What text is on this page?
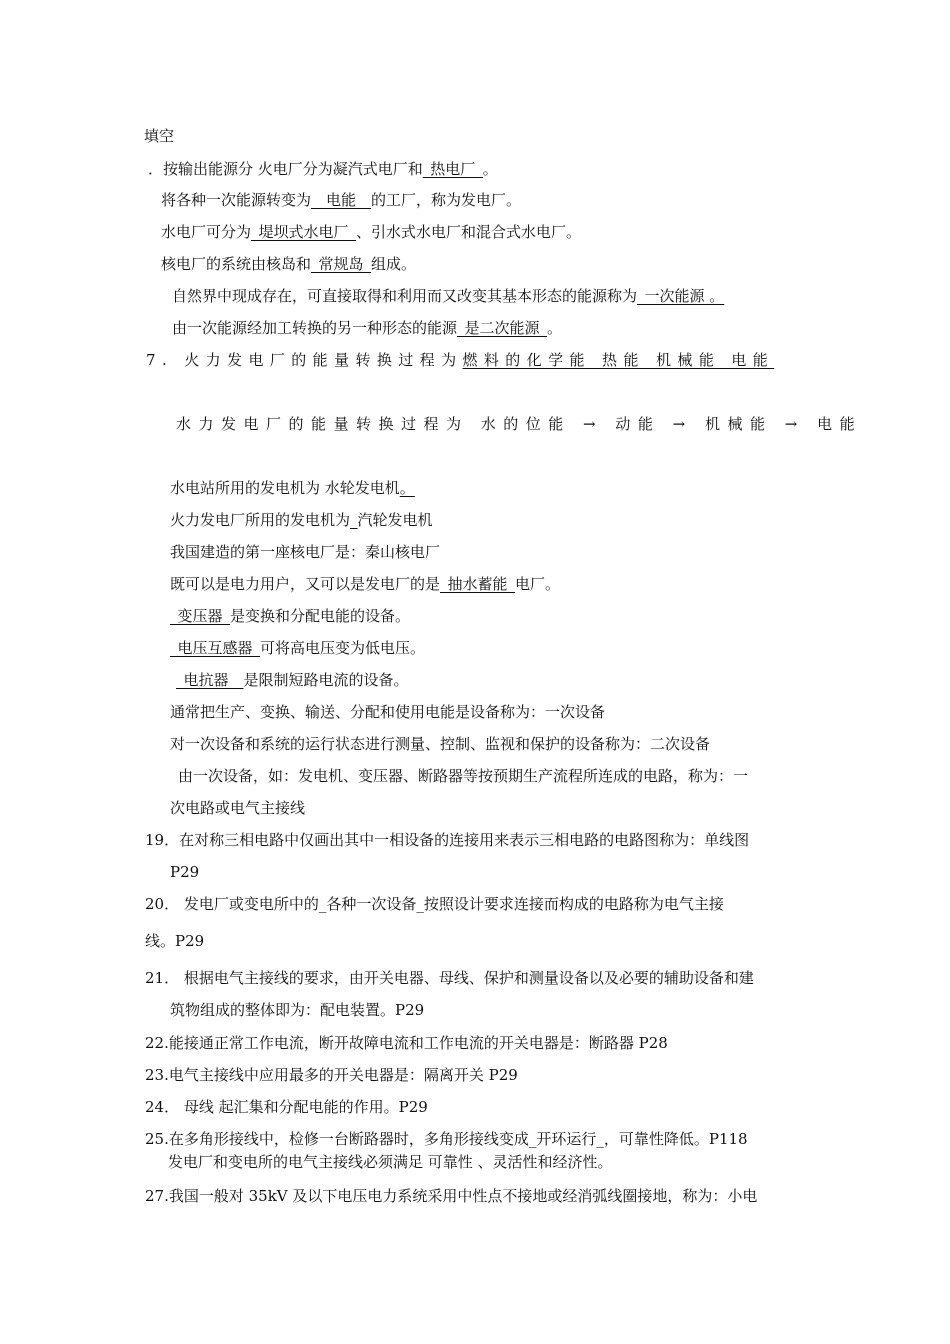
填空
．按输出能源分 火电厂分为凝汽式电厂和_热电厂_。
将各种一次能源转变为__电能__的工厂，称为发电厂。
水电厂可分为_堤坝式水电厂_、引水式水电厂和混合式水电厂。
核电厂的系统由核岛和_常规岛_组成。
自然界中现成存在，可直接取得和利用而又改变其基本形态的能源称为_一次能源 。
由一次能源经加工转换的另一种形态的能源_是二次能源_。
7. 火力发电厂的能量转换过程为燃料的化学能 热能 机械能 电能
水力发电厂的能量转换过程为 水的位能 → 动能 → 机械能 → 电能
水电站所用的发电机为 水轮发电机。
火力发电厂所用的发电机为_汽轮发电机
我国建造的第一座核电厂是：秦山核电厂
既可以是电力用户，又可以是发电厂的是_抽水蓄能_电厂。
_变压器_是变换和分配电能的设备。
_电压互感器_可将高电压变为低电压。
_电抗器__是限制短路电流的设备。
通常把生产、变换、输送、分配和使用电能是设备称为：一次设备
对一次设备和系统的运行状态进行测量、控制、监视和保护的设备称为：二次设备
由一次设备，如：发电机、变压器、断路器等按预期生产流程所连成的电路，称为：一
次电路或电气主接线
19．在对称三相电路中仅画出其中一相设备的连接用来表示三相电路的电路图称为：单线图
P29
20． 发电厂或变电所中的_各种一次设备_按照设计要求连接而构成的电路称为电气主接
线。P29
21． 根据电气主接线的要求，由开关电器、母线、保护和测量设备以及必要的辅助设备和建
筑物组成的整体即为：配电装置。P29
22.能接通正常工作电流，断开故障电流和工作电流的开关电器是：断路器 P28
23.电气主接线中应用最多的开关电器是：隔离开关 P29
24． 母线 起汇集和分配电能的作用。P29
25.在多角形接线中，检修一台断路器时，多角形接线变成_开环运行_，可靠性降低。P118
发电厂和变电所的电气主接线必须满足 可靠性 、灵活性和经济性。
27.我国一般对 35kV 及以下电压电力系统采用中性点不接地或经消弧线圈接地，称为：小电
